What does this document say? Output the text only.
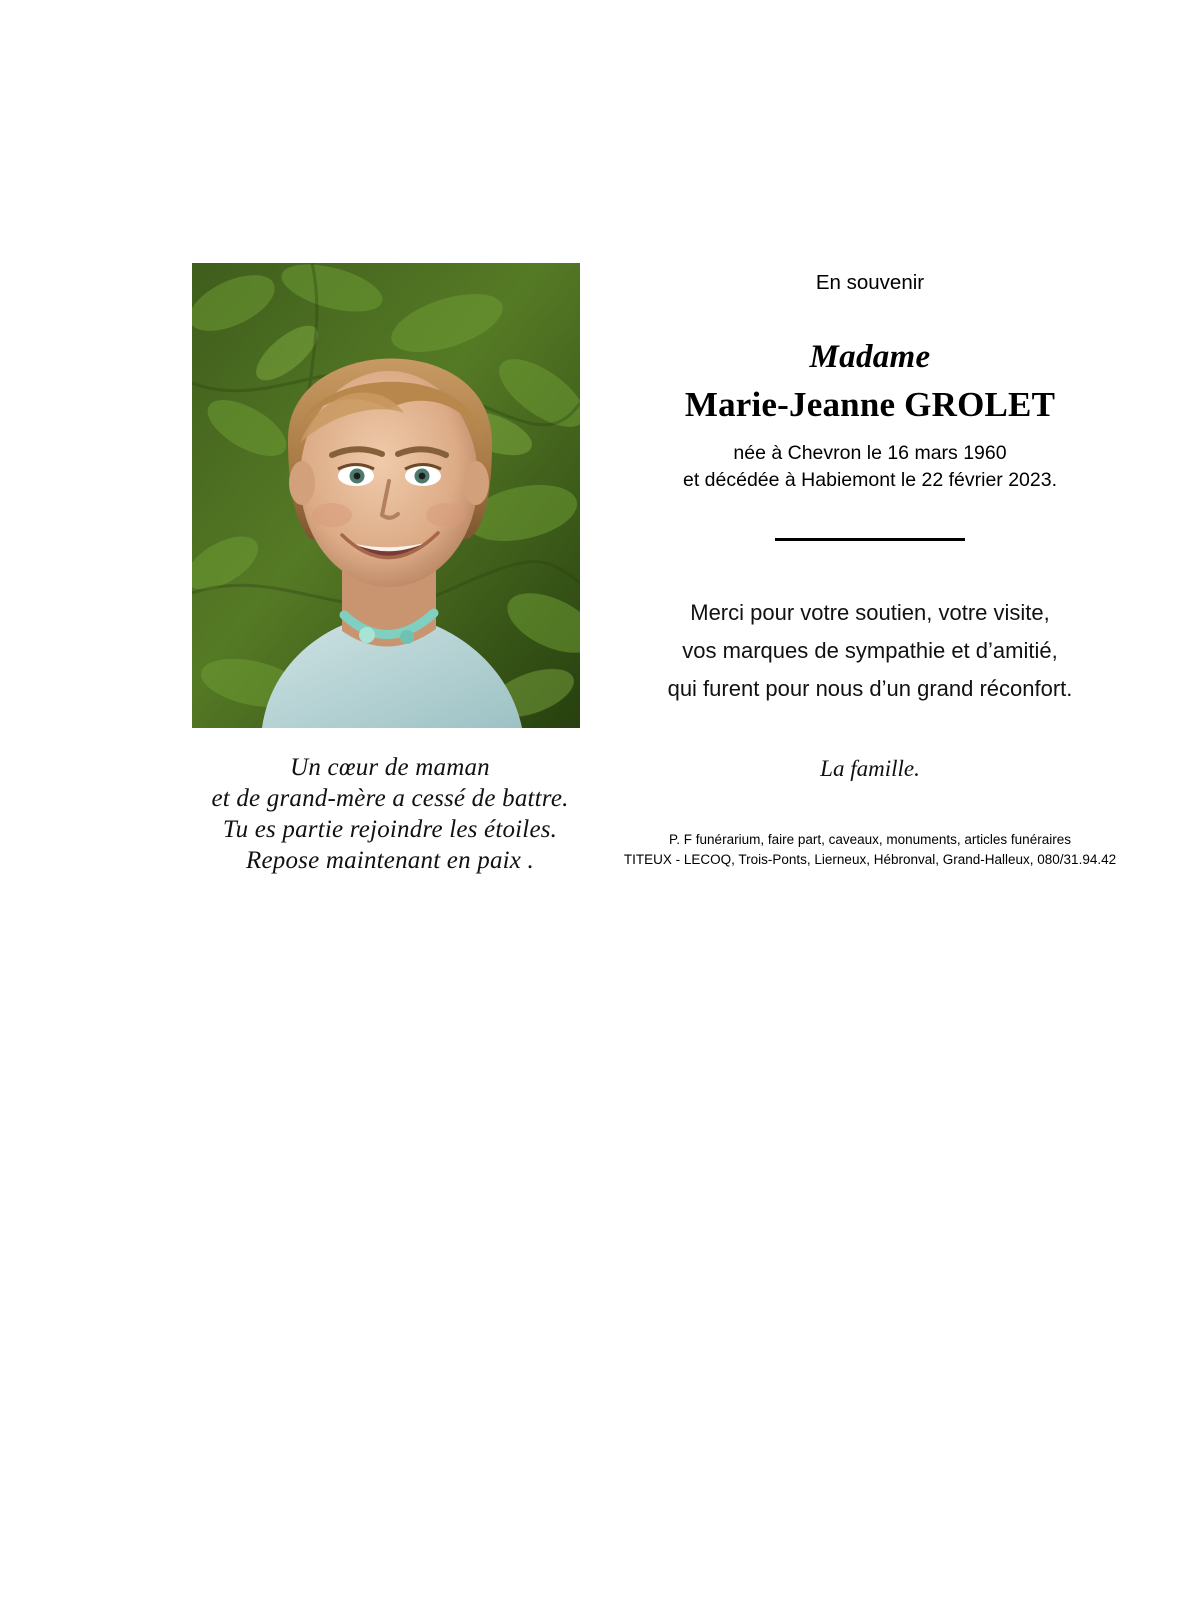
Un cœur de maman
et de grand-mère a cessé de battre.
Tu es partie rejoindre les étoiles.
Repose maintenant en paix .
En souvenir
Madame
Marie-Jeanne GROLET
née à Chevron le 16 mars 1960
et décédée à Habiemont le 22 février 2023.
Merci pour votre soutien, votre visite,
vos marques de sympathie et d’amitié,
qui furent pour nous d’un grand réconfort.
La famille.
P. F funérarium, faire part, caveaux, monuments, articles funéraires
TITEUX - LECOQ, Trois-Ponts, Lierneux, Hébronval, Grand-Halleux, 080/31.94.42
